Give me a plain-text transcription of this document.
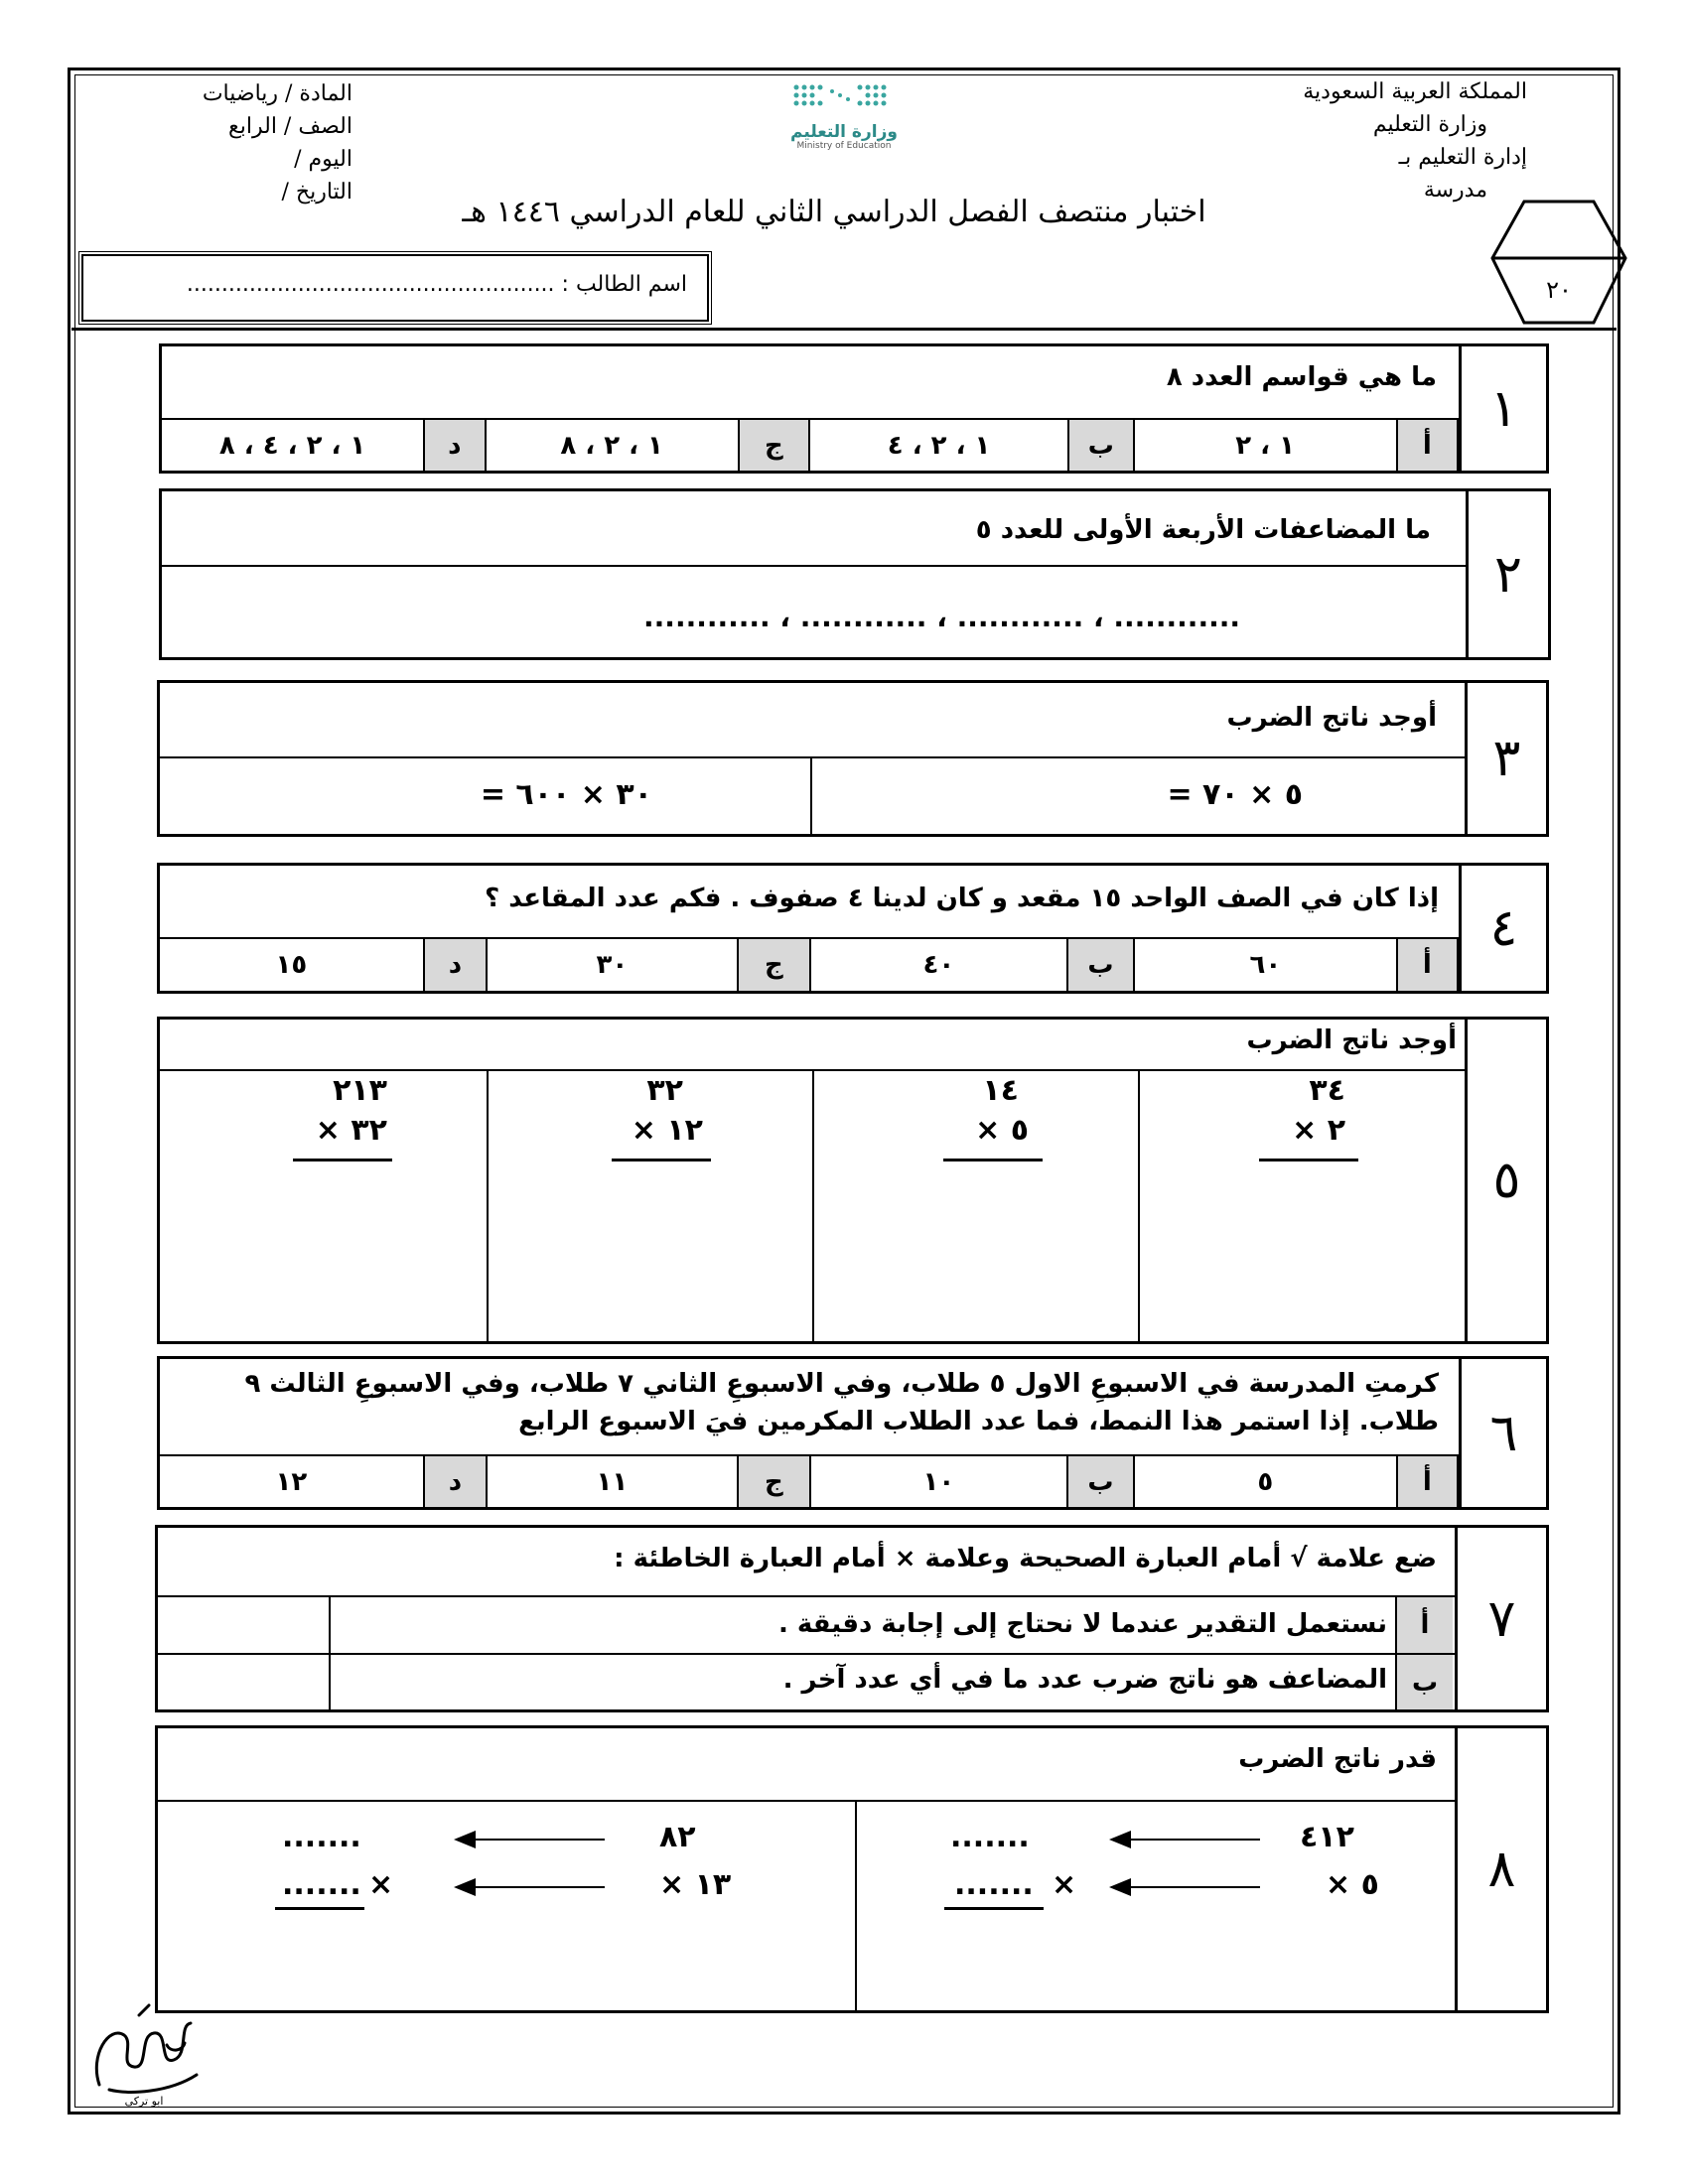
المملكة العربية السعودية
وزارة التعليم
إدارة التعليم بـ
مدرسة
المادة / رياضيات
الصف / الرابع
اليوم /
التاريخ /
وزارة التعليم
Ministry of Education
اختبار منتصف الفصل الدراسي الثاني للعام الدراسي ١٤٤٦ هـ
٢٠
اسم الطالب : .....................................................
١
ما هي قواسم العدد ٨
أ
١ ، ٢
ب
١ ، ٢ ، ٤
ج
١ ، ٢ ، ٨
د
١ ، ٢ ، ٤ ، ٨
٢
ما المضاعفات الأربعة الأولى للعدد ٥
............ ، ............ ، ............ ، ............
٣
أوجد ناتج الضرب
٥ × ٧٠ =
٣٠ × ٦٠٠ =
٤
إذا كان في الصف الواحد ١٥ مقعد و كان لدينا ٤ صفوف . فكم عدد المقاعد ؟
أ
٦٠
ب
٤٠
ج
٣٠
د
١٥
٥
أوجد ناتج الضرب
٣٤
٢ ×
١٤
٥ ×
٣٢
١٢ ×
٢١٣
٣٢ ×
٦
كرمتِ المدرسة في الاسبوعِ الاول ٥ طلاب، وفي الاسبوعِ الثاني ٧ طلاب، وفي الاسبوعِ الثالث ٩
طلاب. إذا استمر هذا النمط، فما عدد الطلاب المكرمين فيَ الاسبوع الرابع
أ
٥
ب
١٠
ج
١١
د
١٢
٧
ضع علامة √ أمام العبارة الصحيحة وعلامة × أمام العبارة الخاطئة :
أ
ب
نستعمل التقدير عندما لا نحتاج إلى إجابة دقيقة .
المضاعف هو ناتج ضرب عدد ما في أي عدد آخر .
٨
قدر ناتج الضرب
٤١٢
٥ ×
.......
×
.......
٨٢
١٣ ×
.......
×
.......
ابو تركي
